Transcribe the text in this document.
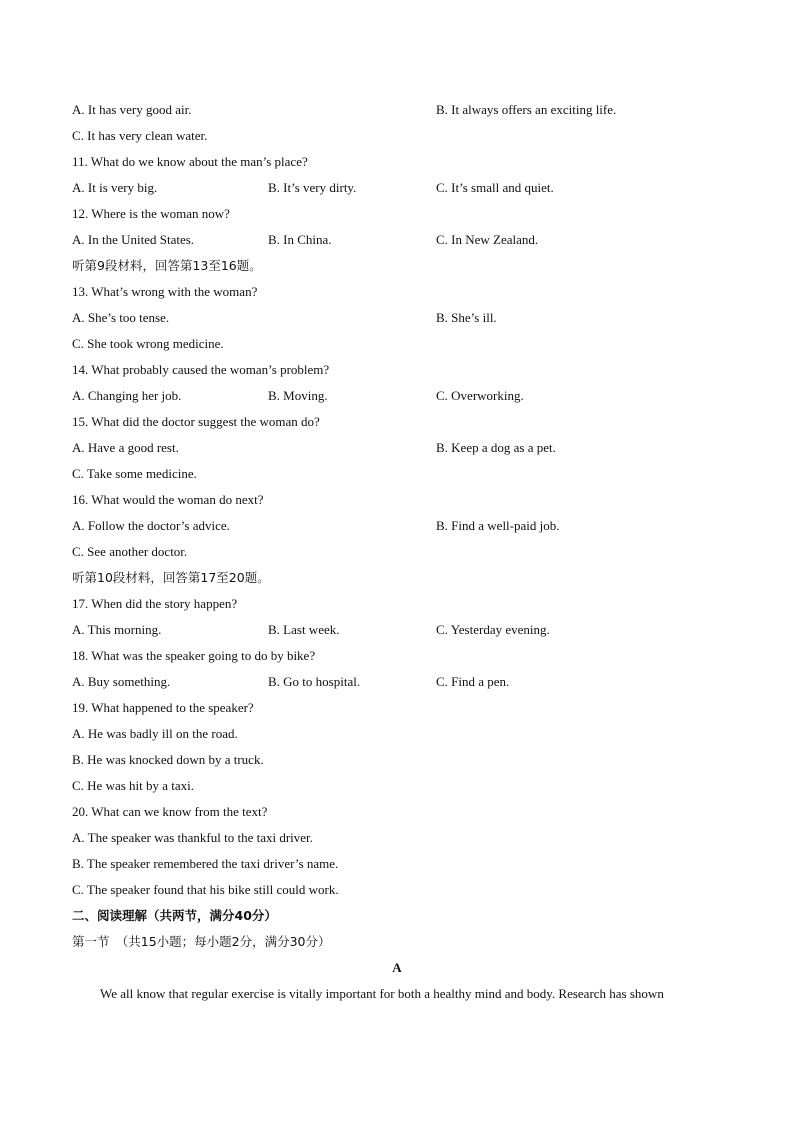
A. It has very good air.	B. It always offers an exciting life.
C. It has very clean water.
11. What do we know about the man’s place?
A. It is very big.	B. It’s very dirty.	C. It’s small and quiet.
12. Where is the woman now?
A. In the United States.	B. In China.	C. In New Zealand.
听第9段材料，回答第13至16题。
13. What’s wrong with the woman?
A. She’s too tense.	B. She’s ill.
C. She took wrong medicine.
14. What probably caused the woman’s problem?
A. Changing her job.	B. Moving.	C. Overworking.
15. What did the doctor suggest the woman do?
A. Have a good rest.	B. Keep a dog as a pet.
C. Take some medicine.
16. What would the woman do next?
A. Follow the doctor’s advice.	B. Find a well-paid job.
C. See another doctor.
听第10段材料，回答第17至20题。
17. When did the story happen?
A. This morning.	B. Last week.	C. Yesterday evening.
18. What was the speaker going to do by bike?
A. Buy something.	B. Go to hospital.	C. Find a pen.
19. What happened to the speaker?
A. He was badly ill on the road.
B. He was knocked down by a truck.
C. He was hit by a taxi.
20. What can we know from the text?
A. The speaker was thankful to the taxi driver.
B. The speaker remembered the taxi driver’s name.
C. The speaker found that his bike still could work.
二、阅读理解（共两节，满分40分）
第一节　（共15小题；每小题2分，满分30分）
A
We all know that regular exercise is vitally important for both a healthy mind and body. Research has shown
